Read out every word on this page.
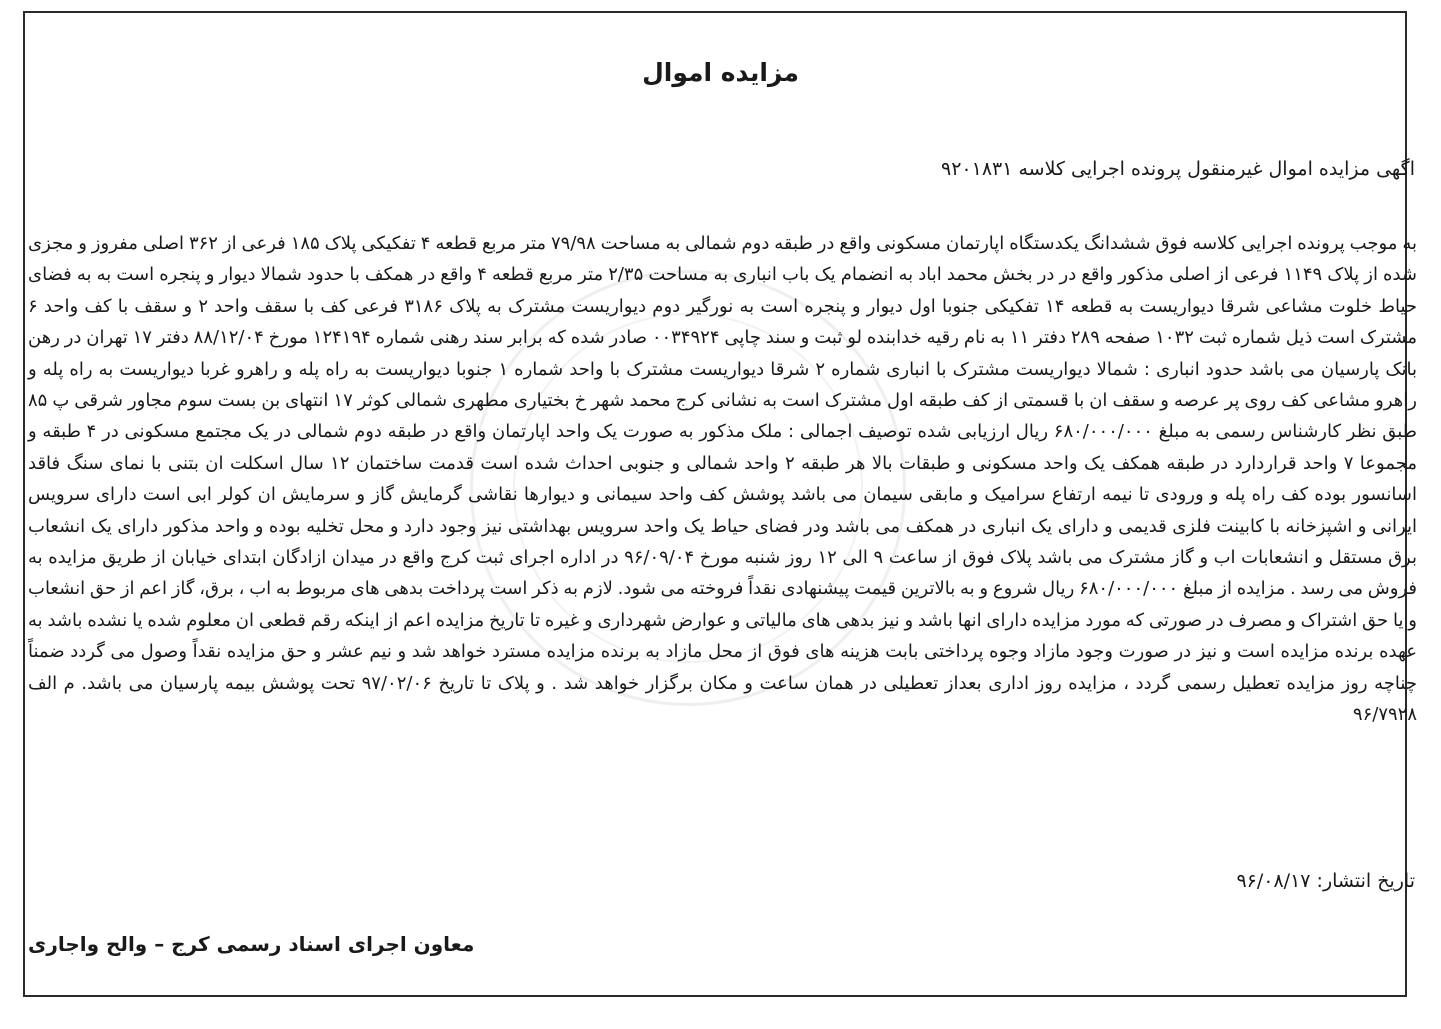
مزایده اموال
اگهی مزایده اموال غیرمنقول پرونده اجرایی کلاسه ۹۲۰۱۸۳۱
به موجب پرونده اجرایی کلاسه فوق ششدانگ یکدستگاه اپارتمان مسکونی واقع در طبقه دوم شمالی به مساحت ۷۹/۹۸ متر مربع قطعه ۴ تفکیکی پلاک ۱۸۵ فرعی از ۳۶۲ اصلی مفروز و مجزی شده از پلاک ۱۱۴۹ فرعی از اصلی مذکور واقع در در بخش محمد اباد به انضمام یک باب انباری به مساحت ۲/۳۵ متر مربع قطعه ۴ واقع در همکف با حدود شمالا دیوار و پنجره است به به فضای حیاط خلوت مشاعی شرقا دیواریست به قطعه ۱۴ تفکیکی جنوبا اول دیوار و پنجره است به نورگیر دوم دیواریست مشترک به پلاک ۳۱۸۶ فرعی کف با سقف واحد ۲ و سقف با کف واحد ۶ مشترک است ذیل شماره ثبت ۱۰۳۲ صفحه ۲۸۹ دفتر ۱۱ به نام رقیه خدابنده لو ثبت و سند چاپی ۰۰۳۴۹۲۴ صادر شده که برابر سند رهنی شماره ۱۲۴۱۹۴ مورخ ۸۸/۱۲/۰۴ دفتر ۱۷ تهران در رهن بانک پارسیان می باشد حدود انباری : شمالا دیواریست مشترک با انباری شماره ۲ شرقا دیواریست مشترک با واحد شماره ۱ جنوبا دیواریست به راه پله و راهرو غربا دیواریست به راه پله و راهرو مشاعی کف روی پر عرصه و سقف ان با قسمتی از کف طبقه اول مشترک است به نشانی کرج محمد شهر خ بختیاری مطهری شمالی کوثر ۱۷ انتهای بن بست سوم مجاور شرقی پ ۸۵ طبق نظر کارشناس رسمی به مبلغ ۶۸۰/۰۰۰/۰۰۰ ریال ارزیابی شده توصیف اجمالی : ملک مذکور به صورت یک واحد اپارتمان واقع در طبقه دوم شمالی در یک مجتمع مسکونی در ۴ طبقه و مجموعا ۷ واحد قراردارد در طبقه همکف یک واحد مسکونی و طبقات بالا هر طبقه ۲ واحد شمالی و جنوبی احداث شده است قدمت ساختمان ۱۲ سال اسکلت ان بتنی با نمای سنگ فاقد اسانسور بوده کف راه پله و ورودی تا نیمه ارتفاع سرامیک و مابقی سیمان می باشد پوشش کف واحد سیمانی و دیوارها نقاشی گرمایش گاز و سرمایش ان کولر ابی است دارای سرویس ایرانی و اشپزخانه با کابینت فلزی قدیمی و دارای یک انباری در همکف می باشد ودر فضای حیاط یک واحد سرویس بهداشتی نیز وجود دارد و محل تخلیه بوده و واحد مذکور دارای یک انشعاب برق مستقل و انشعابات اب و گاز مشترک می باشد پلاک فوق از ساعت ۹ الی ۱۲ روز شنبه مورخ ۹۶/۰۹/۰۴ در اداره اجرای ثبت کرج واقع در میدان ازادگان ابتدای خیابان از طریق مزایده به فروش می رسد . مزایده از مبلغ ۶۸۰/۰۰۰/۰۰۰ ریال شروع و به بالاترین قیمت پیشنهادی نقداً فروخته می شود. لازم به ذکر است پرداخت بدهی های مربوط به اب ، برق، گاز اعم از حق انشعاب و یا حق اشتراک و مصرف در صورتی که مورد مزایده دارای انها باشد و نیز بدهی های مالیاتی و عوارض شهرداری و غیره تا تاریخ مزایده اعم از اینکه رقم قطعی ان معلوم شده یا نشده باشد به عهده برنده مزایده است و نیز در صورت وجود مازاد وجوه پرداختی بابت هزینه های فوق از محل مازاد به برنده مزایده مسترد خواهد شد و نیم عشر و حق مزایده نقداً وصول می گردد ضمناً چناچه روز مزایده تعطیل رسمی گردد ، مزایده روز اداری بعداز تعطیلی در همان ساعت و مکان برگزار خواهد شد . و پلاک تا تاریخ ۹۷/۰۲/۰۶ تحت پوشش بیمه پارسیان می باشد. م الف ۹۶/۷۹۲۸
تاریخ انتشار: ۹۶/۰۸/۱۷
معاون اجرای اسناد رسمی کرج – والح واجاری
